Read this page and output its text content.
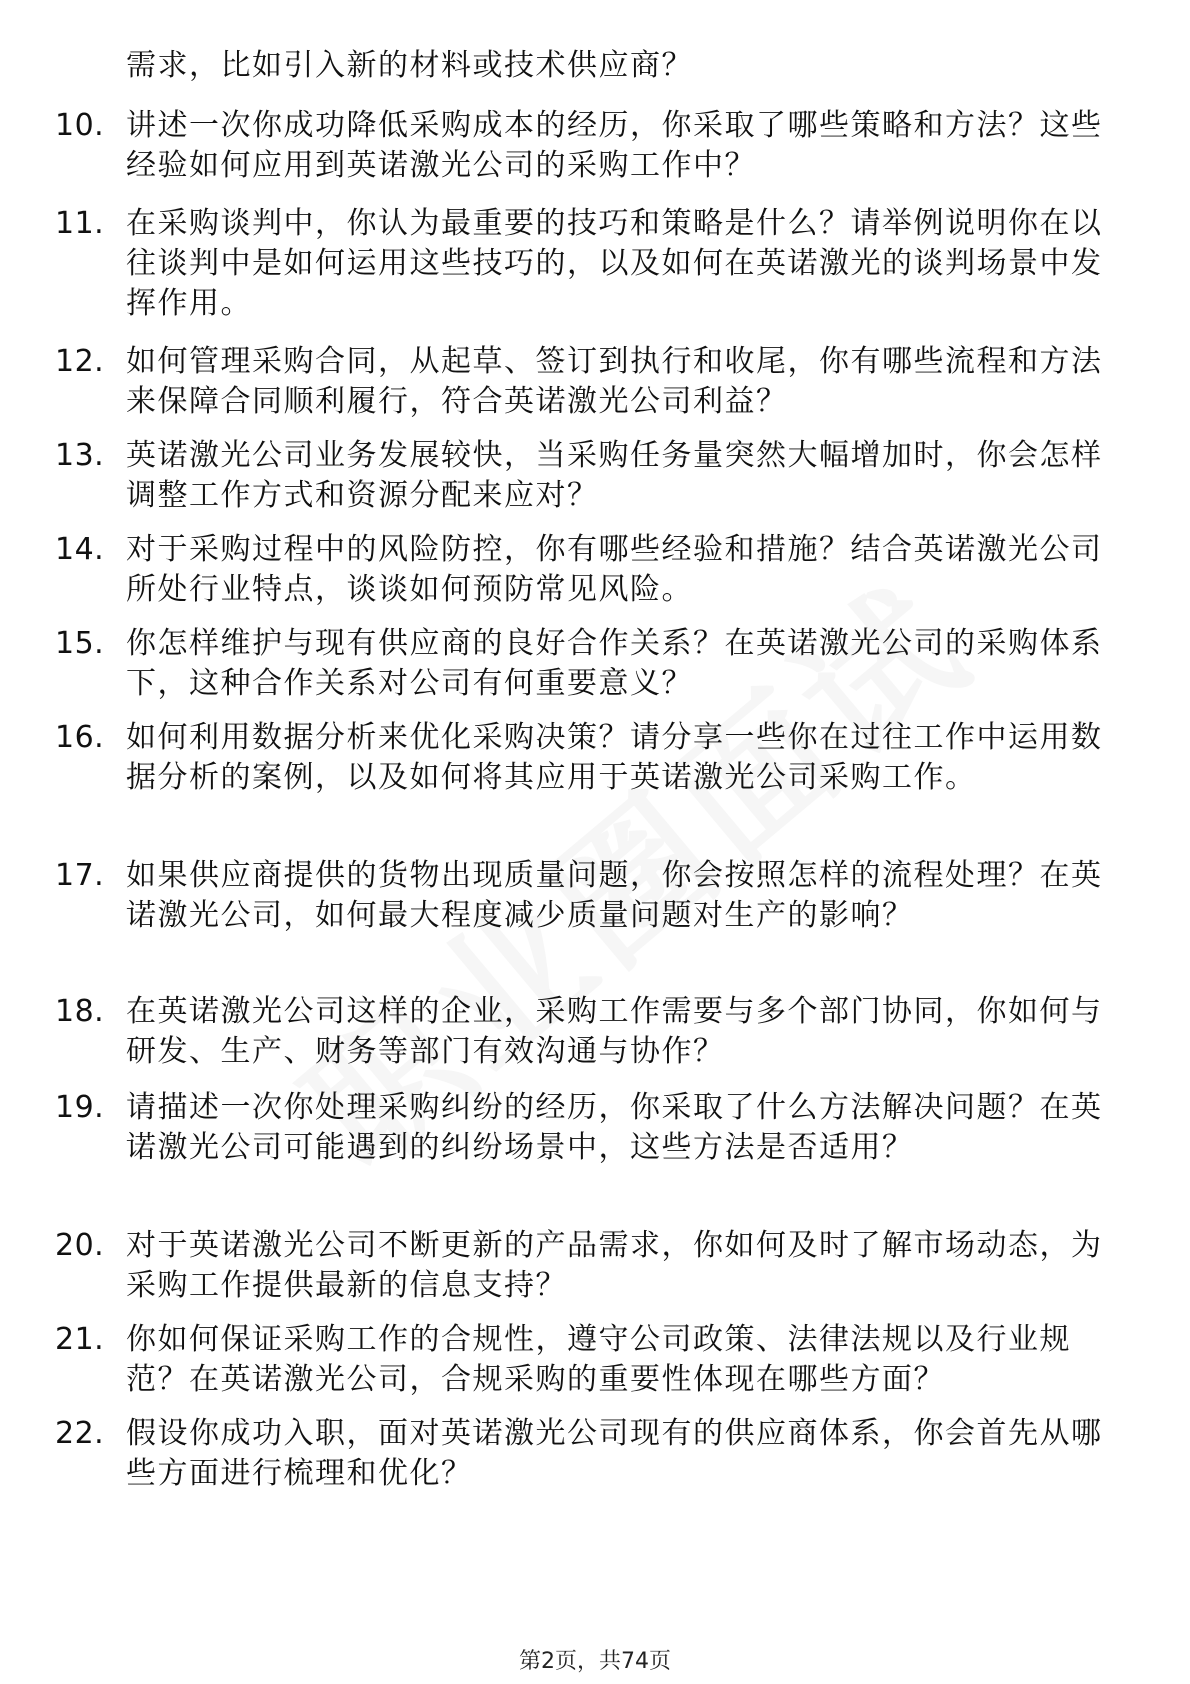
需求，比如引入新的材料或技术供应商？
10. 讲述一次你成功降低采购成本的经历，你采取了哪些策略和方法？这些经验如何应用到英诺激光公司的采购工作中？
11. 在采购谈判中，你认为最重要的技巧和策略是什么？请举例说明你在以往谈判中是如何运用这些技巧的，以及如何在英诺激光的谈判场景中发挥作用。
12. 如何管理采购合同，从起草、签订到执行和收尾，你有哪些流程和方法来保障合同顺利履行，符合英诺激光公司利益？
13. 英诺激光公司业务发展较快，当采购任务量突然大幅增加时，你会怎样调整工作方式和资源分配来应对？
14. 对于采购过程中的风险防控，你有哪些经验和措施？结合英诺激光公司所处行业特点，谈谈如何预防常见风险。
15. 你怎样维护与现有供应商的良好合作关系？在英诺激光公司的采购体系下，这种合作关系对公司有何重要意义？
16. 如何利用数据分析来优化采购决策？请分享一些你在过往工作中运用数据分析的案例，以及如何将其应用于英诺激光公司采购工作。
17. 如果供应商提供的货物出现质量问题，你会按照怎样的流程处理？在英诺激光公司，如何最大程度减少质量问题对生产的影响？
18. 在英诺激光公司这样的企业，采购工作需要与多个部门协同，你如何与研发、生产、财务等部门有效沟通与协作？
19. 请描述一次你处理采购纠纷的经历，你采取了什么方法解决问题？在英诺激光公司可能遇到的纠纷场景中，这些方法是否适用？
20. 对于英诺激光公司不断更新的产品需求，你如何及时了解市场动态，为采购工作提供最新的信息支持？
21. 你如何保证采购工作的合规性，遵守公司政策、法律法规以及行业规范？在英诺激光公司，合规采购的重要性体现在哪些方面？
22. 假设你成功入职，面对英诺激光公司现有的供应商体系，你会首先从哪些方面进行梳理和优化？
第2页，共74页
